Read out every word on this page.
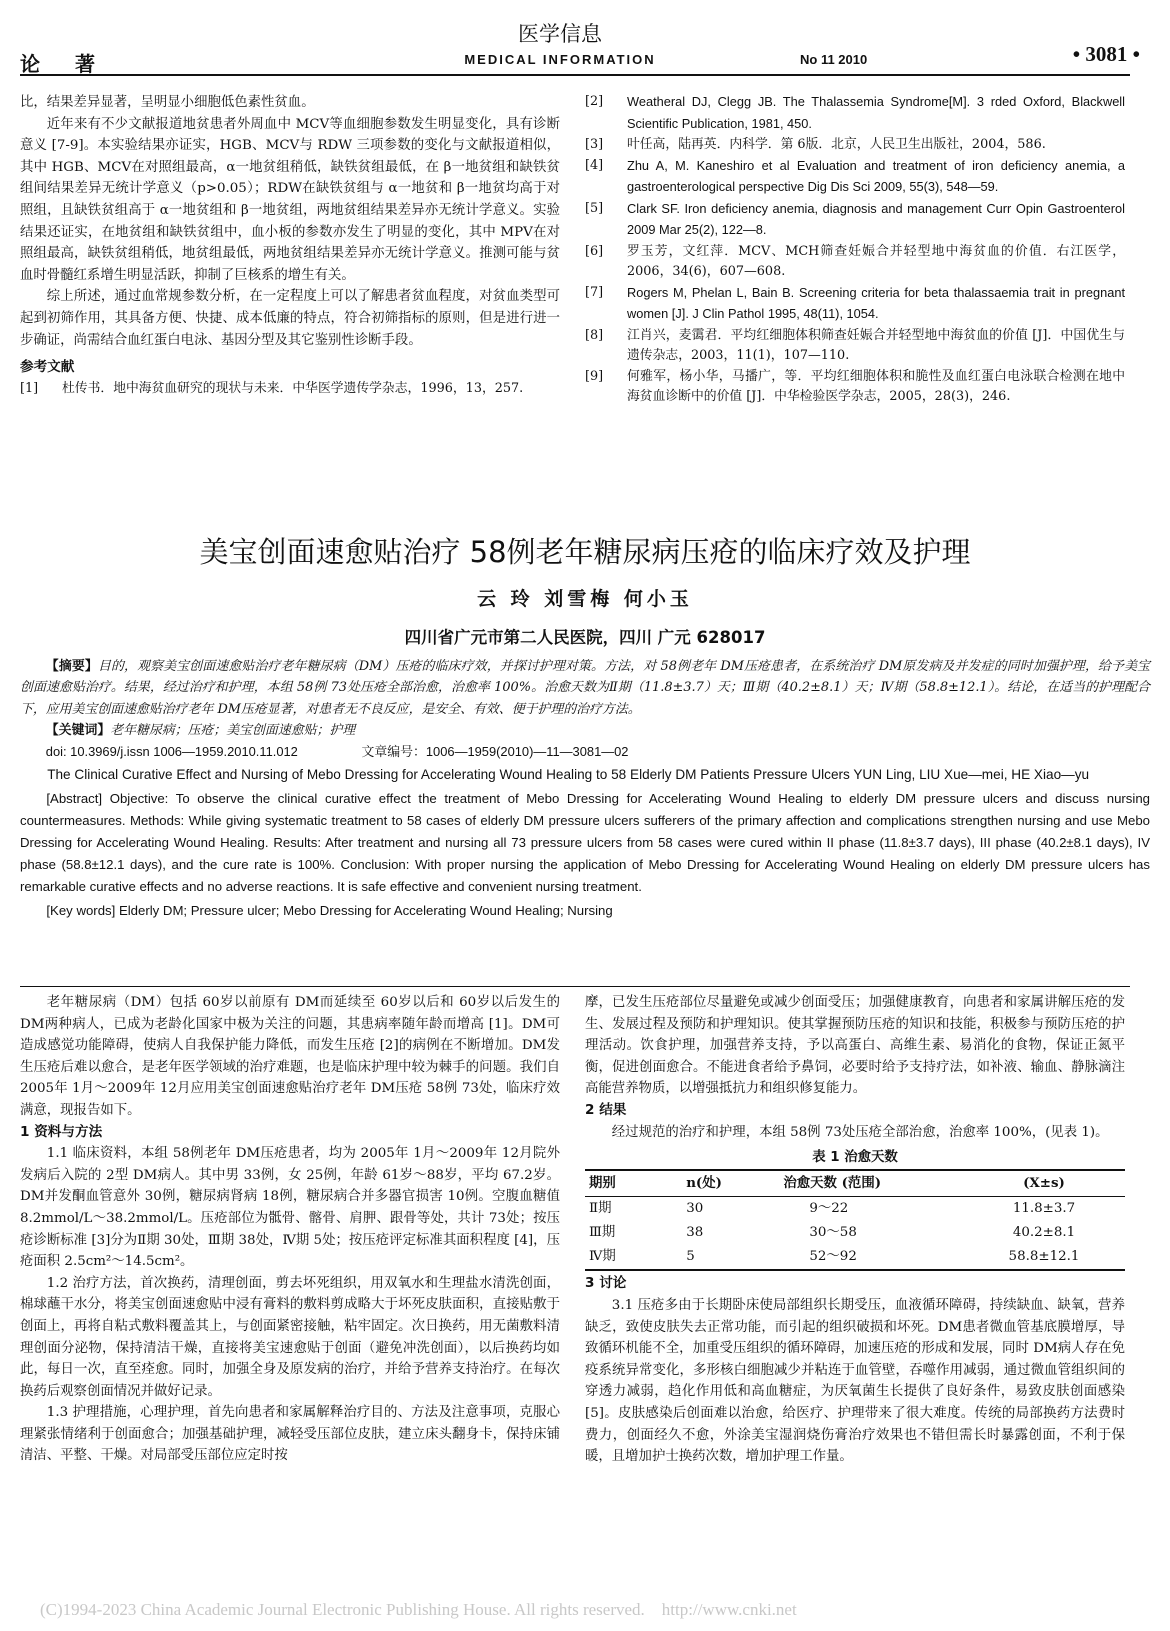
论 著
医学信息
MEDICAL INFORMATION	No 11 2010	• 3081 •

比，结果差异显著，呈明显小细胞低色素性贫血。

近年来有不少文献报道地贫患者外周血中 MCV等血细胞参数发生明显变化，具有诊断意义 [7-9]。本实验结果亦证实，HGB、MCV与 RDW 三项参数的变化与文献报道相似，其中 HGB、MCV在对照组最高，α一地贫组稍低，缺铁贫组最低，在 β一地贫组和缺铁贫组间结果差异无统计学意义（p>0.05）；RDW在缺铁贫组与 α一地贫和 β一地贫均高于对照组，且缺铁贫组高于 α一地贫组和 β一地贫组，两地贫组结果差异亦无统计学意义。实验结果还证实，在地贫组和缺铁贫组中，血小板的参数亦发生了明显的变化，其中 MPV在对照组最高，缺铁贫组稍低，地贫组最低，两地贫组结果差异亦无统计学意义。推测可能与贫血时骨髓红系增生明显活跃，抑制了巨核系的增生有关。

综上所述，通过血常规参数分析，在一定程度上可以了解患者贫血程度，对贫血类型可起到初筛作用，其具备方便、快捷、成本低廉的特点，符合初筛指标的原则，但是进行进一步确证，尚需结合血红蛋白电泳、基因分型及其它鉴别性诊断手段。

参考文献

[1] 杜传书．地中海贫血研究的现状与未来．中华医学遗传学杂志，1996，13，257.
[2] Weatheral DJ, Clegg JB. The Thalassemia Syndrome[M]. 3 rded Oxford, Blackwell Scientific Publication, 1981, 450.
[3] 叶任高，陆再英．内科学．第 6版．北京，人民卫生出版社，2004，586.
[4] Zhu A, M. Kaneshiro et al Evaluation and treatment of iron deficiency anemia, a gastroenterological perspective Dig Dis Sci 2009, 55(3), 548—59.
[5] Clark SF. Iron deficiency anemia, diagnosis and management Curr Opin Gastroenterol 2009 Mar 25(2), 122—8.
[6] 罗玉芳，文红萍．MCV、MCH筛查妊娠合并轻型地中海贫血的价值．右江医学，2006，34(6)，607—608.
[7] Rogers M, Phelan L, Bain B. Screening criteria for beta thalassaemia trait in pregnant women [J]. J Clin Pathol 1995, 48(11), 1054.
[8] 江肖兴，麦霭君．平均红细胞体积筛查妊娠合并轻型地中海贫血的价值 [J]．中国优生与遗传杂志，2003，11(1)，107—110.
[9] 何雅军，杨小华，马播广，等．平均红细胞体积和脆性及血红蛋白电泳联合检测在地中海贫血诊断中的价值 [J]．中华检验医学杂志，2005，28(3)，246.
美宝创面速愈贴治疗 58例老年糖尿病压疮的临床疗效及护理
云 玲 刘雪梅 何小玉
四川省广元市第二人民医院，四川 广元 628017

【摘要】目的，观察美宝创面速愈贴治疗老年糖尿病（DM）压疮的临床疗效，并探讨护理对策。方法，对 58例老年 DM压疮患者，在系统治疗 DM原发病及并发症的同时加强护理，给予美宝创面速愈贴治疗。结果，经过治疗和护理，本组 58例 73处压疮全部治愈，治愈率 100%。治愈天数为Ⅱ期（11.8±3.7）天；Ⅲ期（40.2±8.1）天；Ⅳ期（58.8±12.1）。结论，在适当的护理配合下，应用美宝创面速愈贴治疗老年 DM压疮显著，对患者无不良反应，是安全、有效、便于护理的治疗方法。

【关键词】老年糖尿病；压疮；美宝创面速愈贴；护理

doi: 10.3969/j.issn 1006—1959.2010.11.012	文章编号：1006—1959(2010)—11—3081—02

The Clinical Curative Effect and Nursing of Mebo Dressing for Accelerating Wound Healing to 58 Elderly DM Patients Pressure Ulcers YUN Ling, LIU Xue—mei, HE Xiao—yu

[Abstract] Objective: To observe the clinical curative effect the treatment of Mebo Dressing for Accelerating Wound Healing to elderly DM pressure ulcers and discuss nursing countermeasures. Methods: While giving systematic treatment to 58 cases of elderly DM pressure ulcers sufferers of the primary affection and complications strengthen nursing and use Mebo Dressing for Accelerating Wound Healing. Results: After treatment and nursing all 73 pressure ulcers from 58 cases were cured within II phase (11.8±3.7 days), III phase (40.2±8.1 days), IV phase (58.8±12.1 days), and the cure rate is 100%. Conclusion: With proper nursing the application of Mebo Dressing for Accelerating Wound Healing on elderly DM pressure ulcers has remarkable curative effects and no adverse reactions. It is safe effective and convenient nursing treatment.

[Key words] Elderly DM; Pressure ulcer; Mebo Dressing for Accelerating Wound Healing; Nursing

老年糖尿病（DM）包括 60岁以前原有 DM而延续至 60岁以后和 60岁以后发生的 DM两种病人，已成为老龄化国家中极为关注的问题，其患病率随年龄而增高 [1]。DM可造成感觉功能障碍，使病人自我保护能力降低，而发生压疮 [2]的病例在不断增加。DM发生压疮后难以愈合，是老年医学领域的治疗难题，也是临床护理中较为棘手的问题。我们自 2005年 1月～2009年 12月应用美宝创面速愈贴治疗老年 DM压疮 58例 73处，临床疗效满意，现报告如下。

1 资料与方法

1.1 临床资料，本组 58例老年 DM压疮患者，均为 2005年 1月～2009年 12月院外发病后入院的 2型 DM病人。其中男 33例，女 25例，年龄 61岁～88岁，平均 67.2岁。DM并发酮血管意外 30例，糖尿病肾病 18例，糖尿病合并多器官损害 10例。空腹血糖值 8.2mmol/L～38.2mmol/L。压疮部位为骶骨、髂骨、肩胛、跟骨等处，共计 73处；按压疮诊断标准 [3]分为Ⅱ期 30处，Ⅲ期 38处，Ⅳ期 5处；按压疮评定标准其面积程度 [4]，压疮面积 2.5cm²～14.5cm²。

1.2 治疗方法，首次换药，清理创面，剪去坏死组织，用双氧水和生理盐水清洗创面，棉球蘸干水分，将美宝创面速愈贴中浸有膏料的敷料剪成略大于坏死皮肤面积，直接贴敷于创面上，再将自粘式敷料覆盖其上，与创面紧密接触，粘牢固定。次日换药，用无菌敷料清理创面分泌物，保持清洁干燥，直接将美宝速愈贴于创面（避免冲洗创面），以后换药均如此，每日一次，直至痊愈。同时，加强全身及原发病的治疗，并给予营养支持治疗。在每次换药后观察创面情况并做好记录。

1.3 护理措施，心理护理，首先向患者和家属解释治疗目的、方法及注意事项，克服心理紧张情绪利于创面愈合；加强基础护理，减轻受压部位皮肤，建立床头翻身卡，保持床铺清洁、平整、干燥。对局部受压部位应定时按

摩，已发生压疮部位尽量避免或减少创面受压；加强健康教育，向患者和家属讲解压疮的发生、发展过程及预防和护理知识。使其掌握预防压疮的知识和技能，积极参与预防压疮的护理活动。饮食护理，加强营养支持，予以高蛋白、高维生素、易消化的食物，保证正氮平衡，促进创面愈合。不能进食者给予鼻饲，必要时给予支持疗法，如补液、输血、静脉滴注高能营养物质，以增强抵抗力和组织修复能力。

2 结果

经过规范的治疗和护理，本组 58例 73处压疮全部治愈，治愈率 100%，(见表 1)。

表 1 治愈天数
期别	n(处)	治愈天数 (范围)	(X±s)
Ⅱ期	30	9～22	11.8±3.7
Ⅲ期	38	30～58	40.2±8.1
Ⅳ期	5	52～92	58.8±12.1

3 讨论

3.1 压疮多由于长期卧床使局部组织长期受压，血液循环障碍，持续缺血、缺氧，营养缺乏，致使皮肤失去正常功能，而引起的组织破损和坏死。DM患者微血管基底膜增厚，导致循环机能不全，加重受压组织的循环障碍，加速压疮的形成和发展，同时 DM病人存在免疫系统异常变化，多形核白细胞减少并粘连于血管壁，吞噬作用减弱，通过微血管组织间的穿透力减弱，趋化作用低和高血糖症，为厌氧菌生长提供了良好条件，易致皮肤创面感染 [5]。皮肤感染后创面难以治愈，给医疗、护理带来了很大难度。传统的局部换药方法费时费力，创面经久不愈，外涂美宝湿润烧伤膏治疗效果也不错但需长时暴露创面，不利于保暖，且增加护士换药次数，增加护理工作量。

(C)1994-2023 China Academic Journal Electronic Publishing House. All rights reserved.    http://www.cnki.net
